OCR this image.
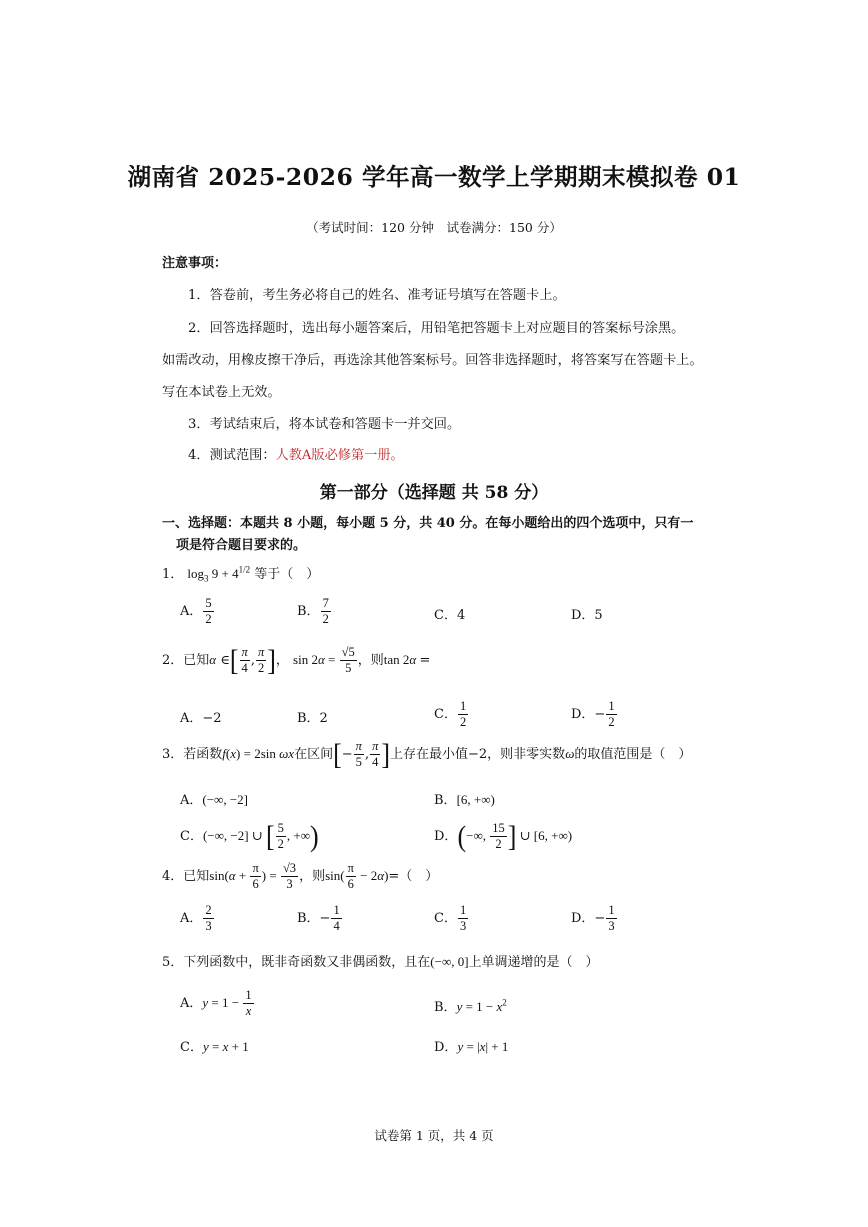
湖南省 2025-2026 学年高一数学上学期期末模拟卷 01
（考试时间：120 分钟　试卷满分：150 分）
注意事项：
1．答卷前，考生务必将自己的姓名、准考证号填写在答题卡上。
2．回答选择题时，选出每小题答案后，用铅笔把答题卡上对应题目的答案标号涂黑。
如需改动，用橡皮擦干净后，再选涂其他答案标号。回答非选择题时，将答案写在答题卡上。
写在本试卷上无效。
3．考试结束后，将本试卷和答题卡一并交回。
4．测试范围：人教A版必修第一册。
第一部分（选择题 共 58 分）
一、选择题：本题共 8 小题，每小题 5 分，共 40 分。在每小题给出的四个选项中，只有一
项是符合题目要求的。
1． $\log_3 9 + 4^{1/2}$ 等于（　）
A． $\frac{5}{2}$	B． $\frac{7}{2}$	C．4	D．5
2．已知α ∈[ $\frac{\pi}{4}$ , $\frac{\pi}{2}$ ]， $\sin 2\alpha = \frac{√5}{5}$ ，则tan 2α =
A．−2	B．2	C． $\frac{1}{2}$	D．− $\frac{1}{2}$
3．若函数f(x) = 2sin ωx在区间[− $\frac{\pi}{5}$ , $\frac{\pi}{4}$ ]上存在最小值−2，则非零实数ω的取值范围是（　）
A．(−∞, −2]	B．[6, +∞)
C．(−∞, −2] ∪ [ $\frac{5}{2}$ , +∞)	D．(−∞, $\frac{15}{2}$ ] ∪ [6, +∞)
4．已知$\sin(\alpha + \frac{\pi}{6}$ ) = $\frac{√3}{3}$ ，则$\sin( \frac{\pi}{6} - 2\alpha)=$（　）
A． $\frac{2}{3}$	B．− $\frac{1}{4}$	C． $\frac{1}{3}$	D．− $\frac{1}{3}$
5．下列函数中，既非奇函数又非偶函数，且在(−∞, 0]上单调递增的是（　）
A．$y = 1 - \frac{1}{x}$	B．$y = 1 - x^2$
C．y = x + 1	D．y = |x| + 1
试卷第 1 页，共 4 页
